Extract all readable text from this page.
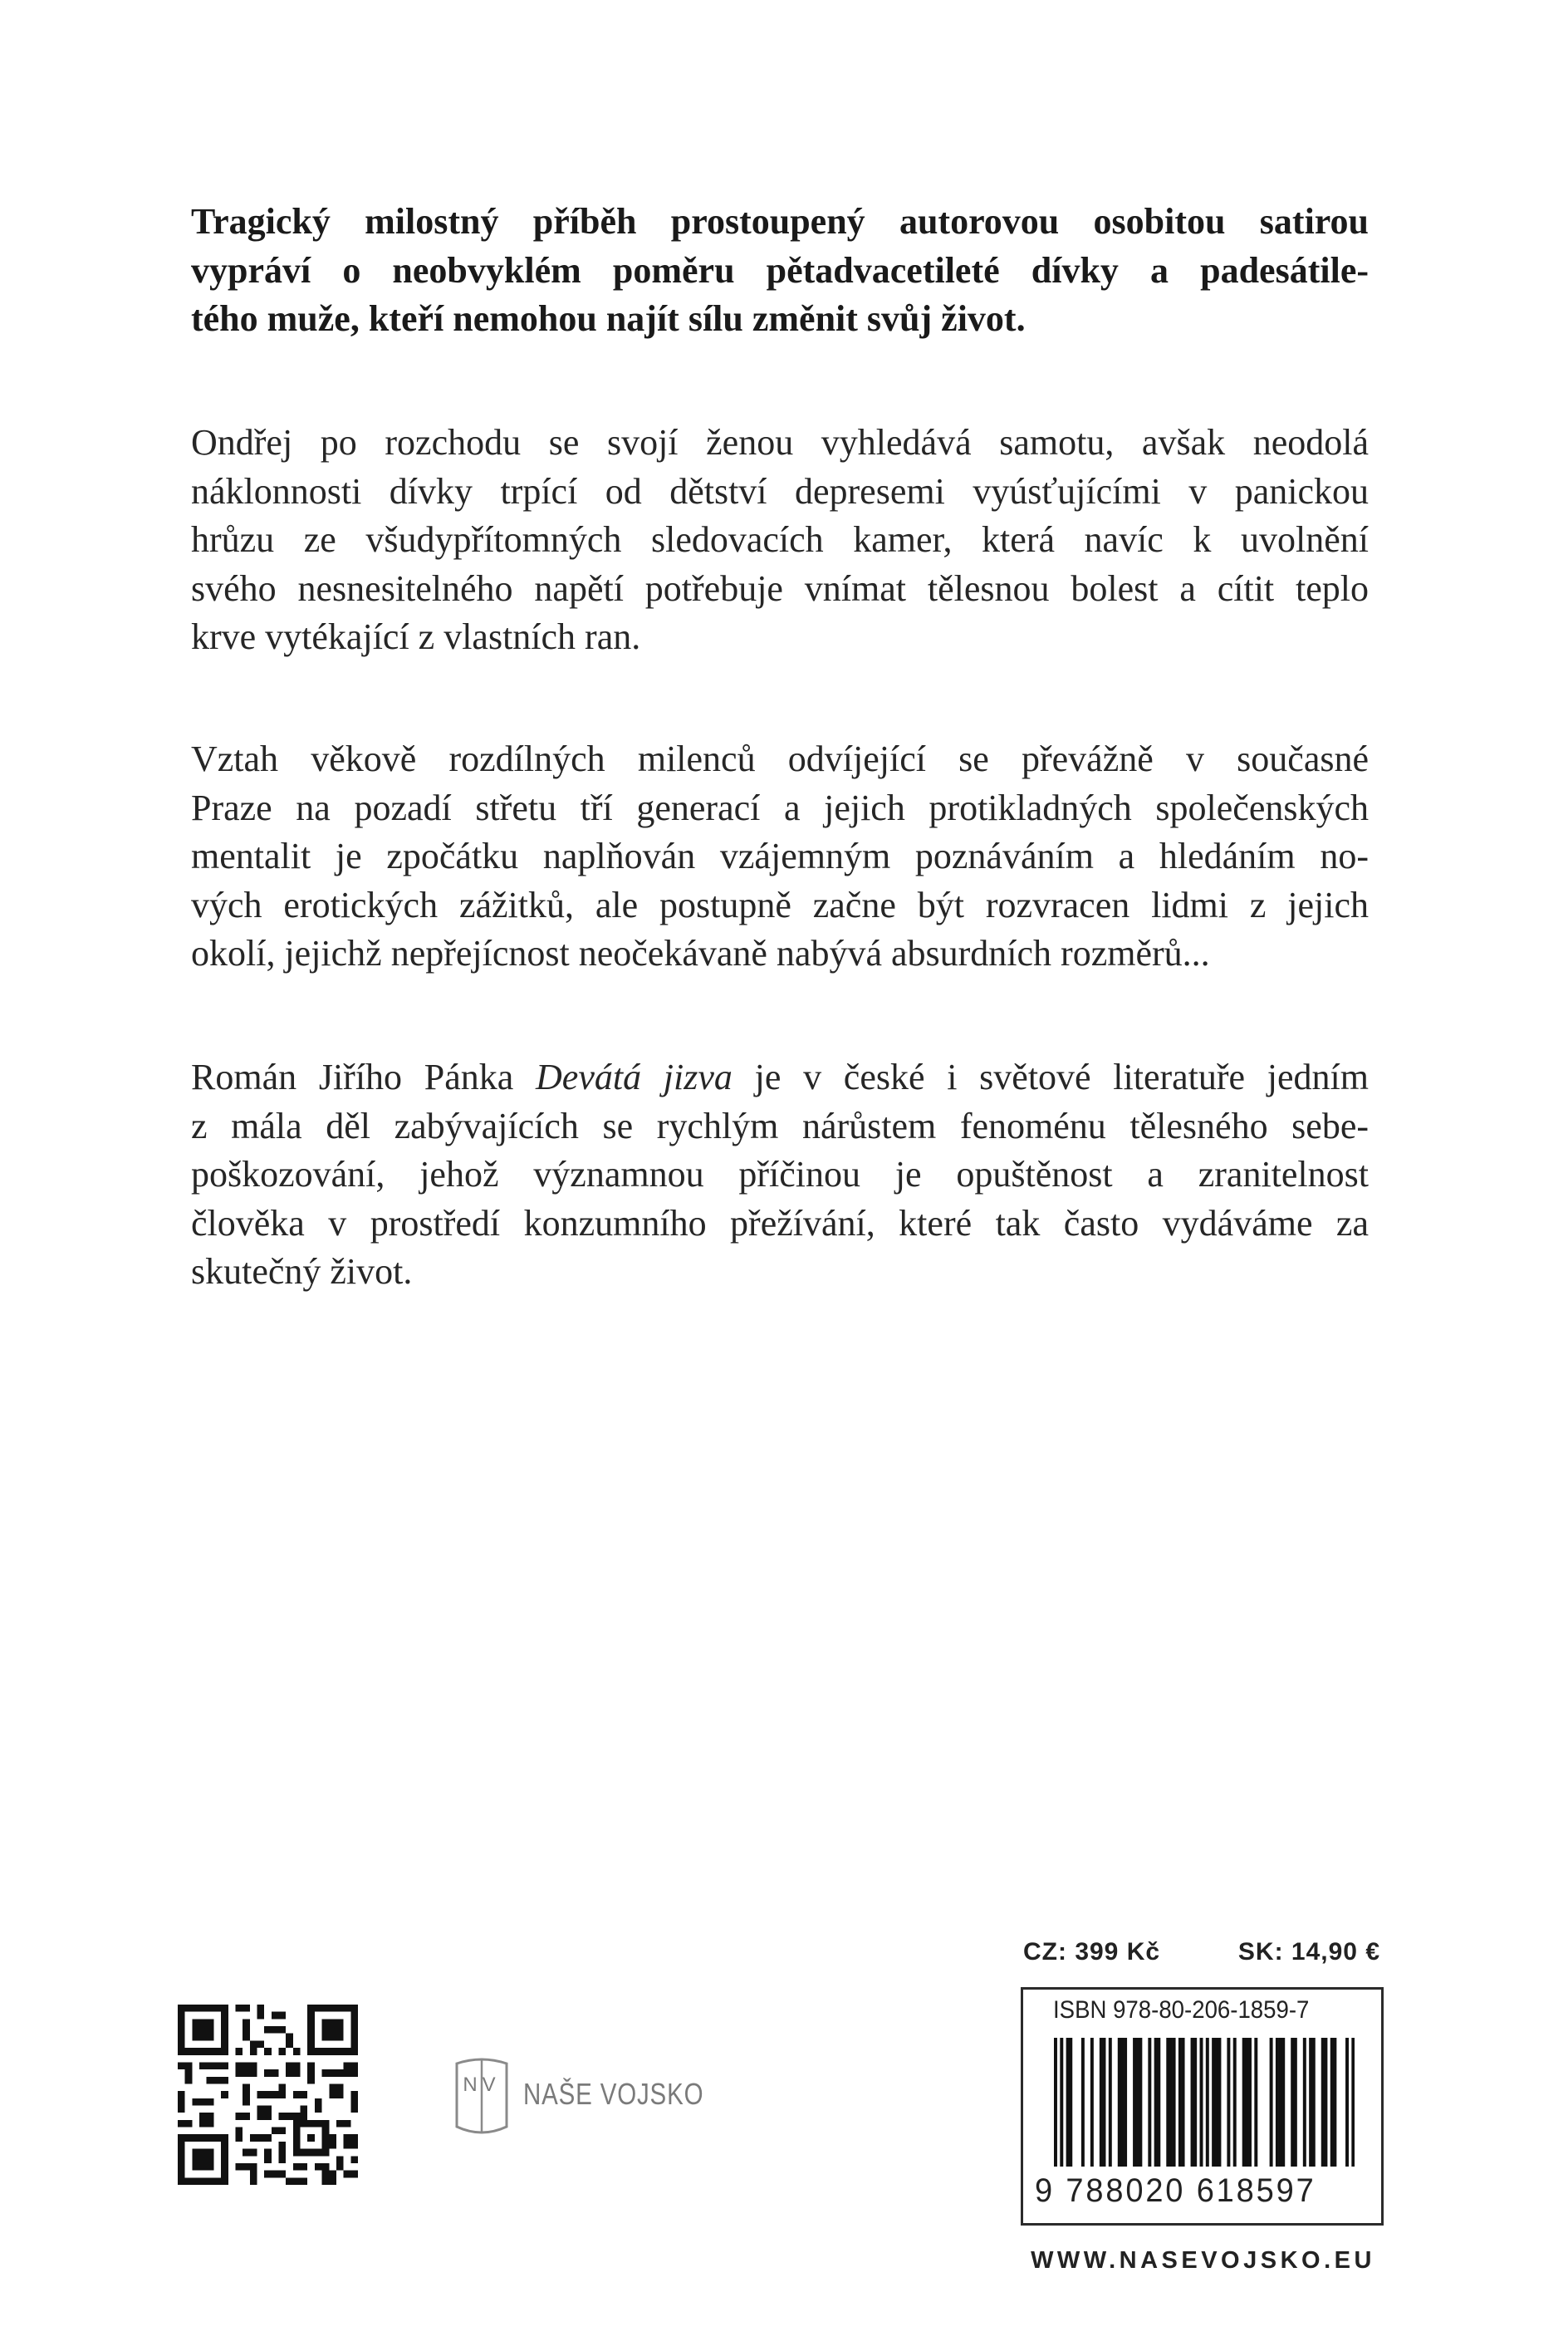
Tragický milostný příběh prostoupený autorovou osobitou satirou
vypráví o neobvyklém poměru pětadvacetileté dívky a padesátile-
tého muže, kteří nemohou najít sílu změnit svůj život.
Ondřej po rozchodu se svojí ženou vyhledává samotu, avšak neodolá
náklonnosti dívky trpící od dětství depresemi vyúsťujícími v panickou
hrůzu ze všudypřítomných sledovacích kamer, která navíc k uvolnění
svého nesnesitelného napětí potřebuje vnímat tělesnou bolest a cítit teplo
krve vytékající z vlastních ran.
Vztah věkově rozdílných milenců odvíjející se převážně v současné
Praze na pozadí střetu tří generací a jejich protikladných společenských
mentalit je zpočátku naplňován vzájemným poznáváním a hledáním no-
vých erotických zážitků, ale postupně začne být rozvracen lidmi z jejich
okolí, jejichž nepřejícnost neočekávaně nabývá absurdních rozměrů...
Román Jiřího Pánka Devátá jizva je v české i světové literatuře jedním
z mála děl zabývajících se rychlým nárůstem fenoménu tělesného sebe-
poškozování, jehož významnou příčinou je opuštěnost a zranitelnost
člověka v prostředí konzumního přežívání, které tak často vydáváme za
skutečný život.
NV NAŠE VOJSKO
CZ: 399 Kč	SK: 14,90 €
ISBN 978-80-206-1859-7
9 788020 618597
WWW.NASEVOJSKO.EU
